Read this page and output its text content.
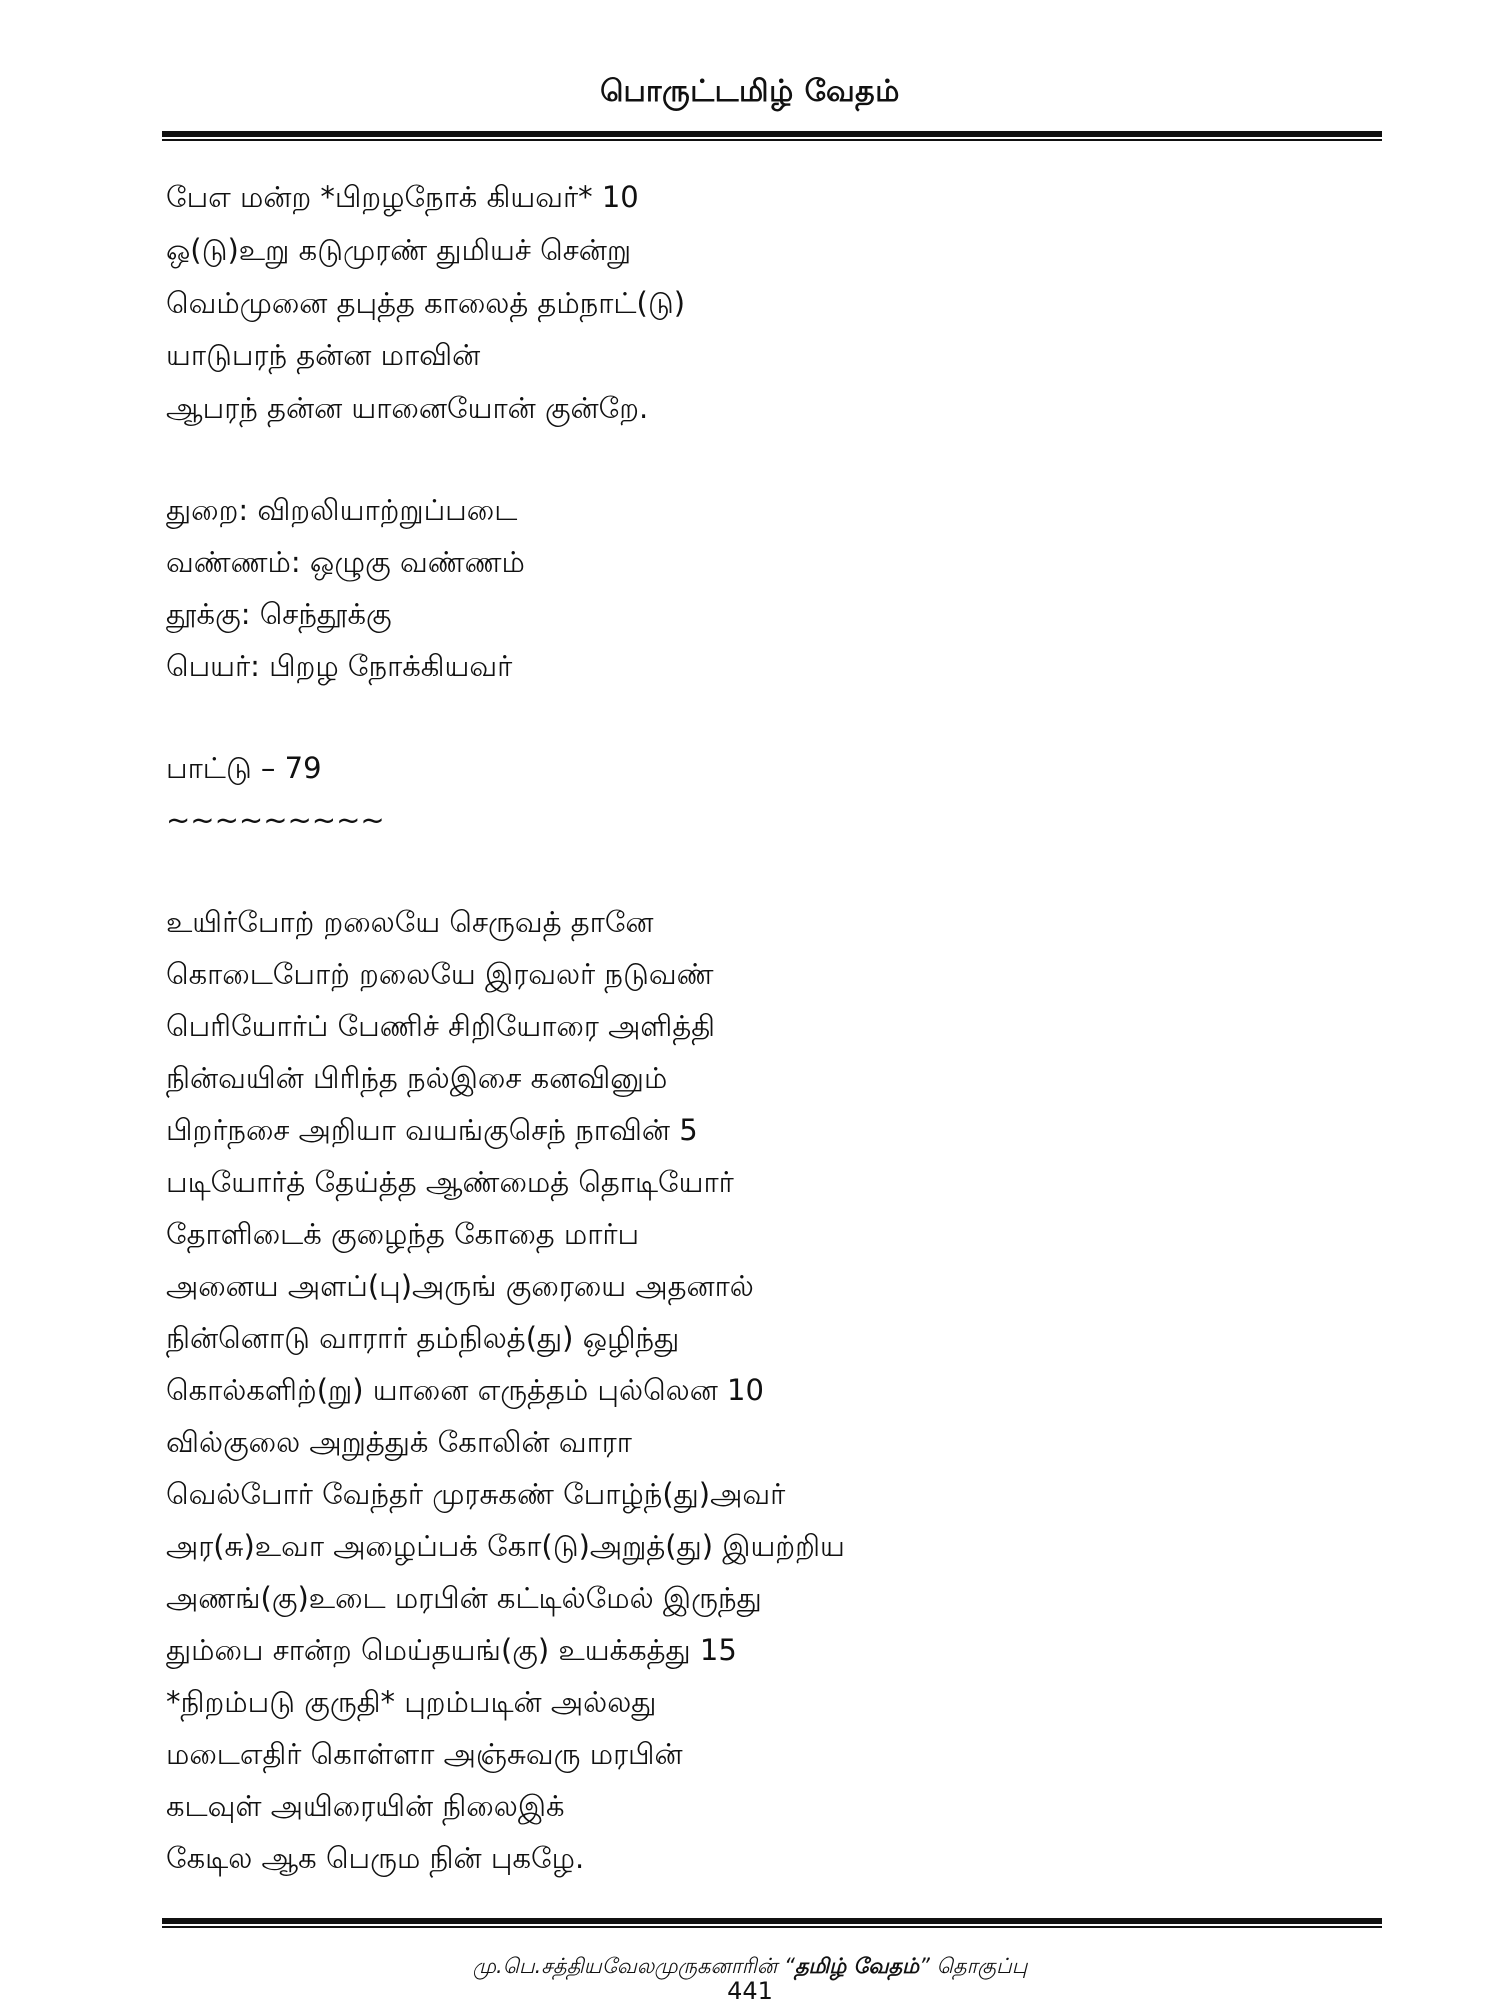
பொருட்டமிழ் வேதம்
பேஎ மன்ற *பிறழநோக் கியவர்* 10
ஒ(டு)உறு கடுமுரண் துமியச் சென்று
வெம்முனை தபுத்த காலைத் தம்நாட்(டு)
யாடுபரந் தன்ன மாவின்
ஆபரந் தன்ன யானையோன் குன்றே.
துறை: விறலியாற்றுப்படை
வண்ணம்: ஒழுகு வண்ணம்
தூக்கு: செந்தூக்கு
பெயர்: பிறழ நோக்கியவர்
பாட்டு – 79
~~~~~~~~~
உயிர்போற் றலையே செருவத் தானே
கொடைபோற் றலையே இரவலர் நடுவண்
பெரியோர்ப் பேணிச் சிறியோரை அளித்தி
நின்வயின் பிரிந்த நல்இசை கனவினும்
பிறர்நசை அறியா வயங்குசெந் நாவின் 5
படியோர்த் தேய்த்த ஆண்மைத் தொடியோர்
தோளிடைக் குழைந்த கோதை மார்ப
அனைய அளப்(பு)அருங் குரையை அதனால்
நின்னொடு வாரார் தம்நிலத்(து) ஒழிந்து
கொல்களிற்(று) யானை எருத்தம் புல்லென 10
வில்குலை அறுத்துக் கோலின் வாரா
வெல்போர் வேந்தர் முரசுகண் போழ்ந்(து)அவர்
அர(சு)உவா அழைப்பக் கோ(டு)அறுத்(து) இயற்றிய
அணங்(கு)உடை மரபின் கட்டில்மேல் இருந்து
தும்பை சான்ற மெய்தயங்(கு) உயக்கத்து 15
*நிறம்படு குருதி* புறம்படின் அல்லது
மடைஎதிர் கொள்ளா அஞ்சுவரு மரபின்
கடவுள் அயிரையின் நிலைஇக்
கேடில ஆக பெரும நின் புகழே.
மு.பெ.சத்தியவேலமுருகனாரின் “தமிழ் வேதம்” தொகுப்பு
441
